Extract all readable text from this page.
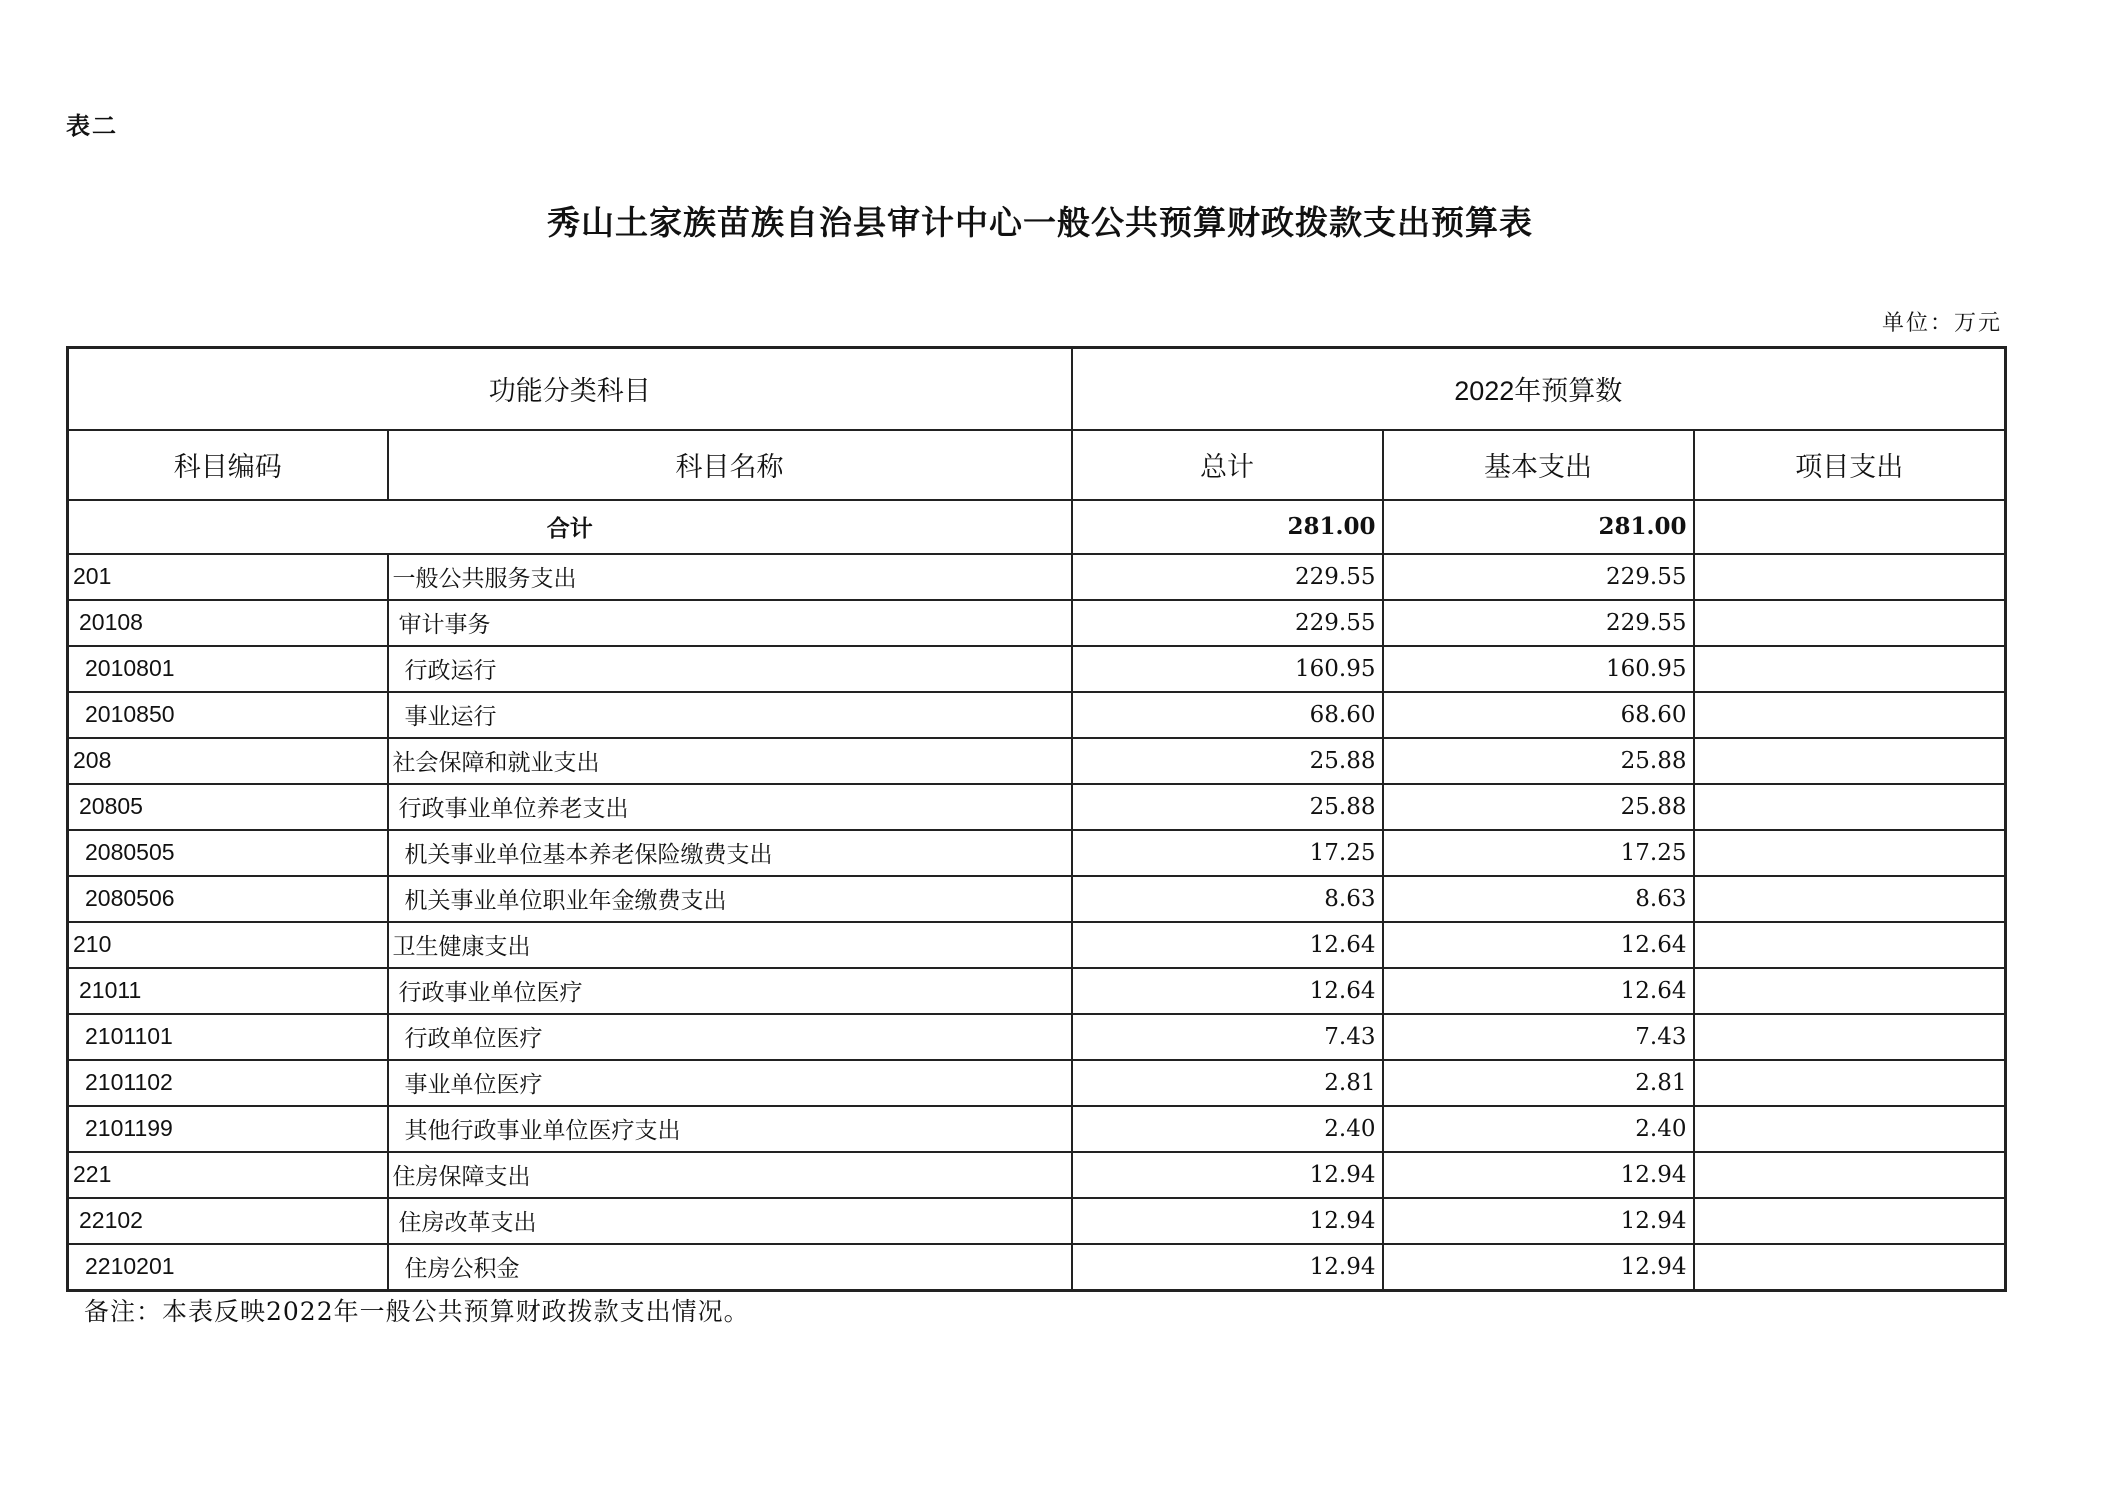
表二
秀山土家族苗族自治县审计中心一般公共预算财政拨款支出预算表
单位：万元
功能分类科目		2022年预算数		
科目编码	科目名称	总计	基本支出	项目支出
合计		281.00	281.00	
201	一般公共服务支出	229.55	229.55	
20108	审计事务	229.55	229.55	
2010801	行政运行	160.95	160.95	
2010850	事业运行	68.60	68.60	
208	社会保障和就业支出	25.88	25.88	
20805	行政事业单位养老支出	25.88	25.88	
2080505	机关事业单位基本养老保险缴费支出	17.25	17.25	
2080506	机关事业单位职业年金缴费支出	8.63	8.63	
210	卫生健康支出	12.64	12.64	
21011	行政事业单位医疗	12.64	12.64	
2101101	行政单位医疗	7.43	7.43	
2101102	事业单位医疗	2.81	2.81	
2101199	其他行政事业单位医疗支出	2.40	2.40	
221	住房保障支出	12.94	12.94	
22102	住房改革支出	12.94	12.94	
2210201	住房公积金	12.94	12.94	
备注：本表反映2022年一般公共预算财政拨款支出情况。
